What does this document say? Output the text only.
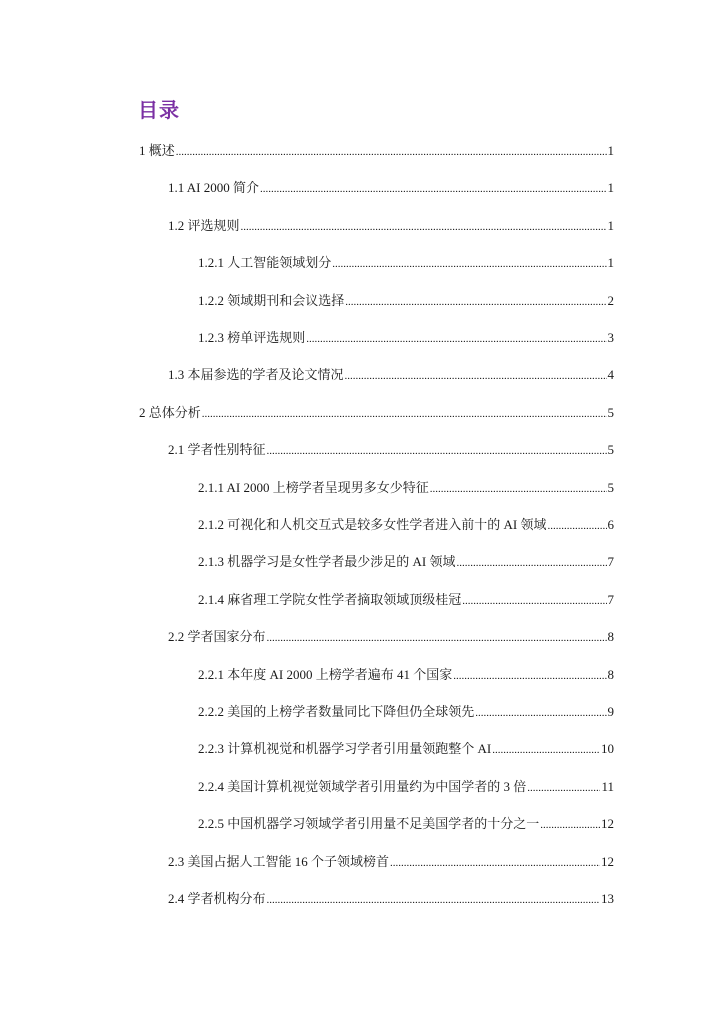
目录
1 概述 .....	1
1.1 AI 2000 简介 .....	1
1.2 评选规则 .....	1
1.2.1 人工智能领域划分 .....	1
1.2.2 领域期刊和会议选择 .....	2
1.2.3 榜单评选规则 .....	3
1.3 本届参选的学者及论文情况 .....	4
2 总体分析 .....	5
2.1 学者性别特征 .....	5
2.1.1 AI 2000 上榜学者呈现男多女少特征 .....	5
2.1.2 可视化和人机交互式是较多女性学者进入前十的 AI 领域 .....	6
2.1.3 机器学习是女性学者最少涉足的 AI 领域 .....	7
2.1.4 麻省理工学院女性学者摘取领域顶级桂冠 .....	7
2.2 学者国家分布 .....	8
2.2.1 本年度 AI 2000 上榜学者遍布 41 个国家 .....	8
2.2.2 美国的上榜学者数量同比下降但仍全球领先 .....	9
2.2.3 计算机视觉和机器学习学者引用量领跑整个 AI .....	10
2.2.4 美国计算机视觉领域学者引用量约为中国学者的 3 倍 .....	11
2.2.5 中国机器学习领域学者引用量不足美国学者的十分之一 .....	12
2.3 美国占据人工智能 16 个子领域榜首 .....	12
2.4 学者机构分布 .....	13
